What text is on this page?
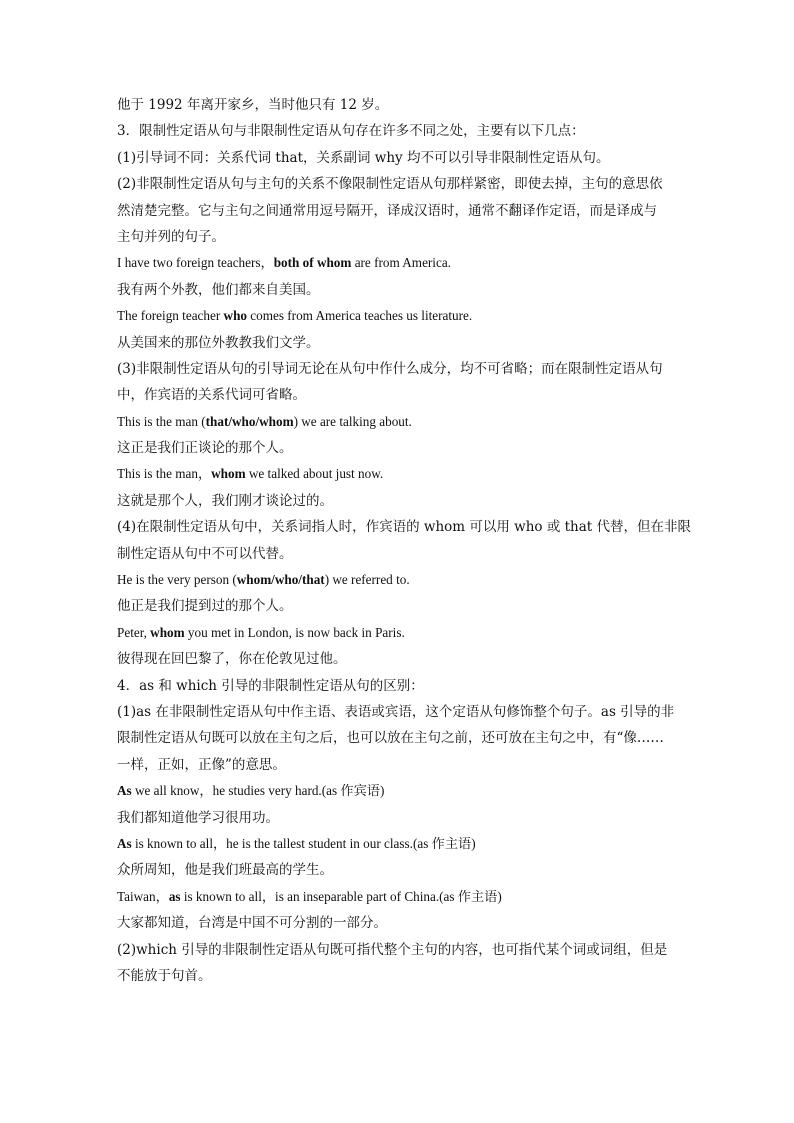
他于 1992 年离开家乡，当时他只有 12 岁。
3．限制性定语从句与非限制性定语从句存在许多不同之处，主要有以下几点：
(1)引导词不同：关系代词 that，关系副词 why 均不可以引导非限制性定语从句。
(2)非限制性定语从句与主句的关系不像限制性定语从句那样紧密，即使去掉，主句的意思依
然清楚完整。它与主句之间通常用逗号隔开，译成汉语时，通常不翻译作定语，而是译成与
主句并列的句子。
I have two foreign teachers，both of whom are from America.
我有两个外教，他们都来自美国。
The foreign teacher who comes from America teaches us literature.
从美国来的那位外教教我们文学。
(3)非限制性定语从句的引导词无论在从句中作什么成分，均不可省略；而在限制性定语从句
中，作宾语的关系代词可省略。
This is the man (that/who/whom) we are talking about.
这正是我们正谈论的那个人。
This is the man，whom we talked about just now.
这就是那个人，我们刚才谈论过的。
(4)在限制性定语从句中，关系词指人时，作宾语的 whom 可以用 who 或 that 代替，但在非限
制性定语从句中不可以代替。
He is the very person (whom/who/that) we referred to.
他正是我们提到过的那个人。
Peter, whom you met in London, is now back in Paris.
彼得现在回巴黎了，你在伦敦见过他。
4．as 和 which 引导的非限制性定语从句的区别：
(1)as 在非限制性定语从句中作主语、表语或宾语，这个定语从句修饰整个句子。as 引导的非
限制性定语从句既可以放在主句之后，也可以放在主句之前，还可放在主句之中，有“像……
一样，正如，正像”的意思。
As we all know，he studies very hard.(as 作宾语)
我们都知道他学习很用功。
As is known to all，he is the tallest student in our class.(as 作主语)
众所周知，他是我们班最高的学生。
Taiwan，as is known to all，is an inseparable part of China.(as 作主语)
大家都知道，台湾是中国不可分割的一部分。
(2)which 引导的非限制性定语从句既可指代整个主句的内容，也可指代某个词或词组，但是
不能放于句首。
